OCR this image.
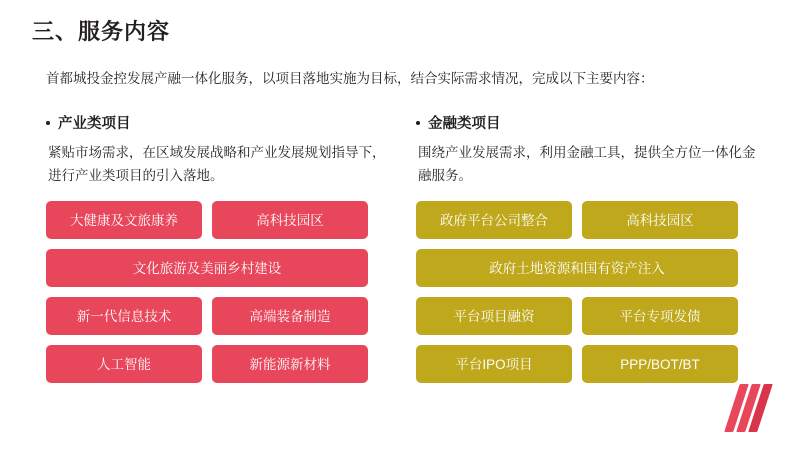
三、服务内容
首都城投金控发展产融一体化服务，以项目落地实施为目标，结合实际需求情况，完成以下主要内容：
产业类项目

紧贴市场需求，在区域发展战略和产业发展规划指导下，进行产业类项目的引入落地。

大健康及文旅康养	高科技园区
文化旅游及美丽乡村建设
新一代信息技术	高端装备制造
人工智能	新能源新材料
金融类项目

围绕产业发展需求，利用金融工具，提供全方位一体化金融服务。

政府平台公司整合	高科技园区
政府土地资源和国有资产注入
平台项目融资	平台专项发债
平台IPO项目	PPP/BOT/BT
